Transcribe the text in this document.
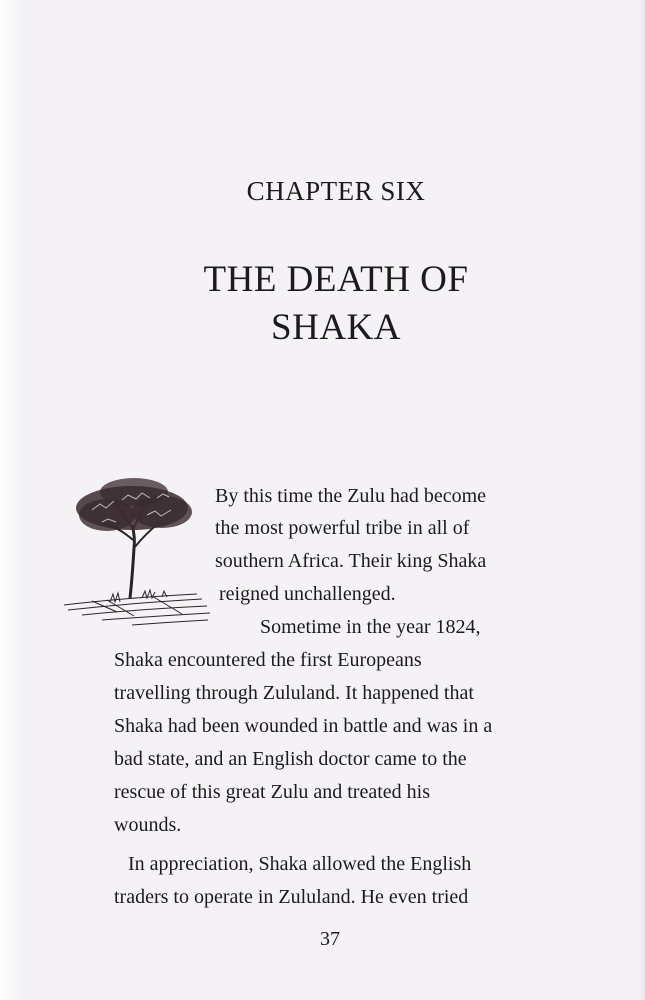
CHAPTER SIX
THE DEATH OF
SHAKA
By this time the Zulu had become
the most powerful tribe in all of
southern Africa. Their king Shaka
reigned unchallenged.
Sometime in the year 1824,
Shaka encountered the first Europeans
travelling through Zululand. It happened that
Shaka had been wounded in battle and was in a
bad state, and an English doctor came to the
rescue of this great Zulu and treated his
wounds.
In appreciation, Shaka allowed the English
traders to operate in Zululand. He even tried
37
